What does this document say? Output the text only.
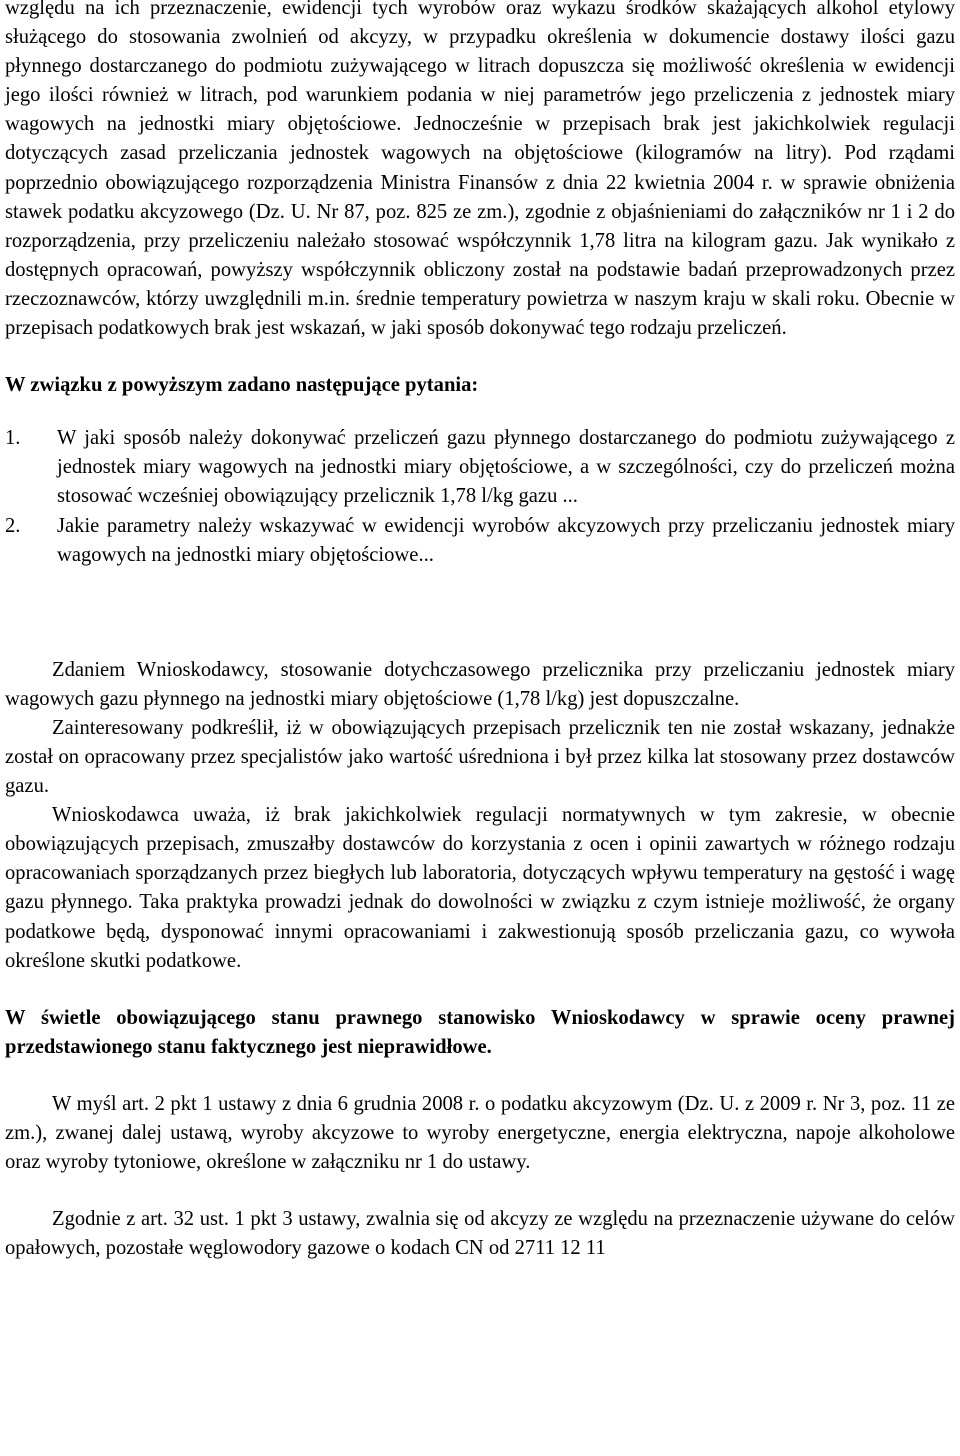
względu na ich przeznaczenie, ewidencji tych wyrobów oraz wykazu środków skażających alkohol etylowy służącego do stosowania zwolnień od akcyzy, w przypadku określenia w dokumencie dostawy ilości gazu płynnego dostarczanego do podmiotu zużywającego w litrach dopuszcza się możliwość określenia w ewidencji jego ilości również w litrach, pod warunkiem podania w niej parametrów jego przeliczenia z jednostek miary wagowych na jednostki miary objętościowe. Jednocześnie w przepisach brak jest jakichkolwiek regulacji dotyczących zasad przeliczania jednostek wagowych na objętościowe (kilogramów na litry). Pod rządami poprzednio obowiązującego rozporządzenia Ministra Finansów z dnia 22 kwietnia 2004 r. w sprawie obniżenia stawek podatku akcyzowego (Dz. U. Nr 87, poz. 825 ze zm.), zgodnie z objaśnieniami do załączników nr 1 i 2 do rozporządzenia, przy przeliczeniu należało stosować współczynnik 1,78 litra na kilogram gazu. Jak wynikało z dostępnych opracowań, powyższy współczynnik obliczony został na podstawie badań przeprowadzonych przez rzeczoznawców, którzy uwzględnili m.in. średnie temperatury powietrza w naszym kraju w skali roku. Obecnie w przepisach podatkowych brak jest wskazań, w jaki sposób dokonywać tego rodzaju przeliczeń.

W związku z powyższym zadano następujące pytania:

1.	W jaki sposób należy dokonywać przeliczeń gazu płynnego dostarczanego do podmiotu zużywającego z jednostek miary wagowych na jednostki miary objętościowe, a w szczególności, czy do przeliczeń można stosować wcześniej obowiązujący przelicznik 1,78 l/kg gazu ...
2.	Jakie parametry należy wskazywać w ewidencji wyrobów akcyzowych przy przeliczaniu jednostek miary wagowych na jednostki miary objętościowe...

Zdaniem Wnioskodawcy, stosowanie dotychczasowego przelicznika przy przeliczaniu jednostek miary wagowych gazu płynnego na jednostki miary objętościowe (1,78 l/kg) jest dopuszczalne.

Zainteresowany podkreślił, iż w obowiązujących przepisach przelicznik ten nie został wskazany, jednakże został on opracowany przez specjalistów jako wartość uśredniona i był przez kilka lat stosowany przez dostawców gazu.

Wnioskodawca uważa, iż brak jakichkolwiek regulacji normatywnych w tym zakresie, w obecnie obowiązujących przepisach, zmuszałby dostawców do korzystania z ocen i opinii zawartych w różnego rodzaju opracowaniach sporządzanych przez biegłych lub laboratoria, dotyczących wpływu temperatury na gęstość i wagę gazu płynnego. Taka praktyka prowadzi jednak do dowolności w związku z czym istnieje możliwość, że organy podatkowe będą, dysponować innymi opracowaniami i zakwestionują sposób przeliczania gazu, co wywoła określone skutki podatkowe.

W świetle obowiązującego stanu prawnego stanowisko Wnioskodawcy w sprawie oceny prawnej przedstawionego stanu faktycznego jest nieprawidłowe.

W myśl art. 2 pkt 1 ustawy z dnia 6 grudnia 2008 r. o podatku akcyzowym (Dz. U. z 2009 r. Nr 3, poz. 11 ze zm.), zwanej dalej ustawą, wyroby akcyzowe to wyroby energetyczne, energia elektryczna, napoje alkoholowe oraz wyroby tytoniowe, określone w załączniku nr 1 do ustawy.

Zgodnie z art. 32 ust. 1 pkt 3 ustawy, zwalnia się od akcyzy ze względu na przeznaczenie używane do celów opałowych, pozostałe węglowodory gazowe o kodach CN od 2711 12 11
